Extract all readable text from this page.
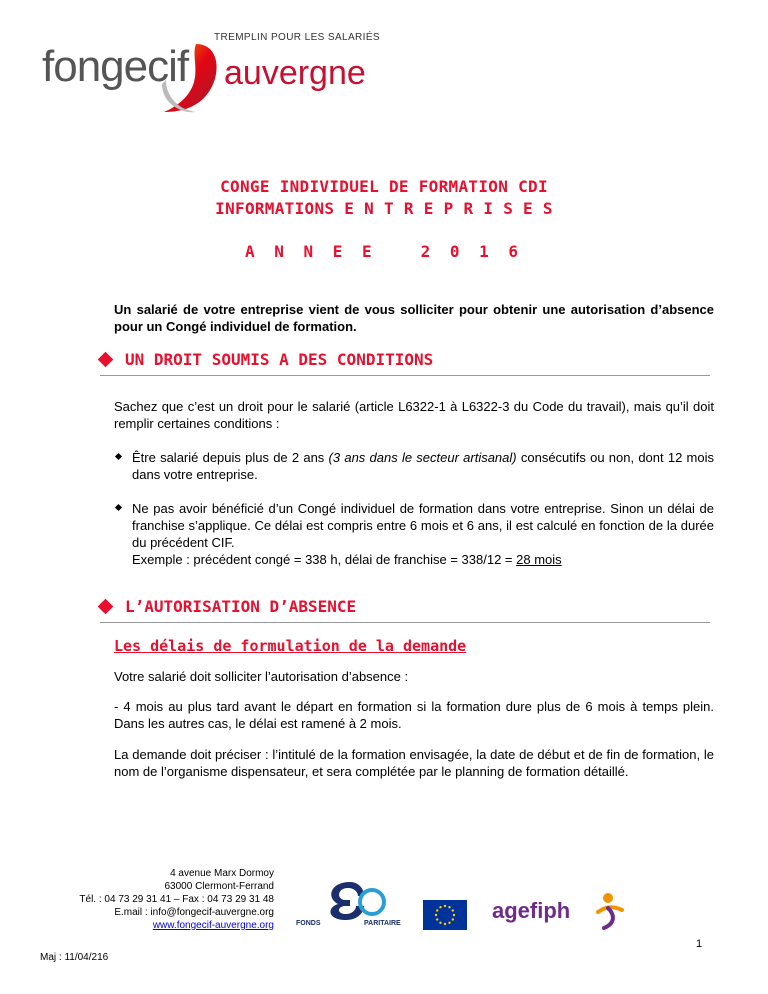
TREMPLIN POUR LES SALARIÉS
fongecif auvergne
CONGE INDIVIDUEL DE FORMATION CDI
INFORMATIONS E N T R E P R I S E S
A N N E E   2 0 1 6
Un salarié de votre entreprise vient de vous solliciter pour obtenir une autorisation d’absence pour un Congé individuel de formation.
UN DROIT SOUMIS A DES CONDITIONS
Sachez que c’est un droit pour le salarié (article L6322-1 à L6322-3 du Code du travail), mais qu’il doit remplir certaines conditions :
Être salarié depuis plus de 2 ans (3 ans dans le secteur artisanal) consécutifs ou non, dont 12 mois dans votre entreprise.
Ne pas avoir bénéficié d’un Congé individuel de formation dans votre entreprise. Sinon un délai de franchise s’applique. Ce délai est compris entre 6 mois et 6 ans, il est calculé en fonction de la durée du précédent CIF.
Exemple : précédent congé = 338 h, délai de franchise = 338/12 = 28 mois
L’AUTORISATION D’ABSENCE
Les délais de formulation de la demande
Votre salarié doit solliciter l’autorisation d’absence :
- 4 mois au plus tard avant le départ en formation si la formation dure plus de 6 mois à temps plein. Dans les autres cas, le délai est ramené à 2 mois.
La demande doit préciser : l’intitulé de la formation envisagée, la date de début et de fin de formation, le nom de l’organisme dispensateur, et sera complétée par le planning de formation détaillé.
4 avenue Marx Dormoy
63000 Clermont-Ferrand
Tél. : 04 73 29 31 41 – Fax : 04 73 29 31 48
E.mail : info@fongecif-auvergne.org
www.fongecif-auvergne.org	FONDS	PARITAIRE
agefiph
1
Maj : 11/04/216
